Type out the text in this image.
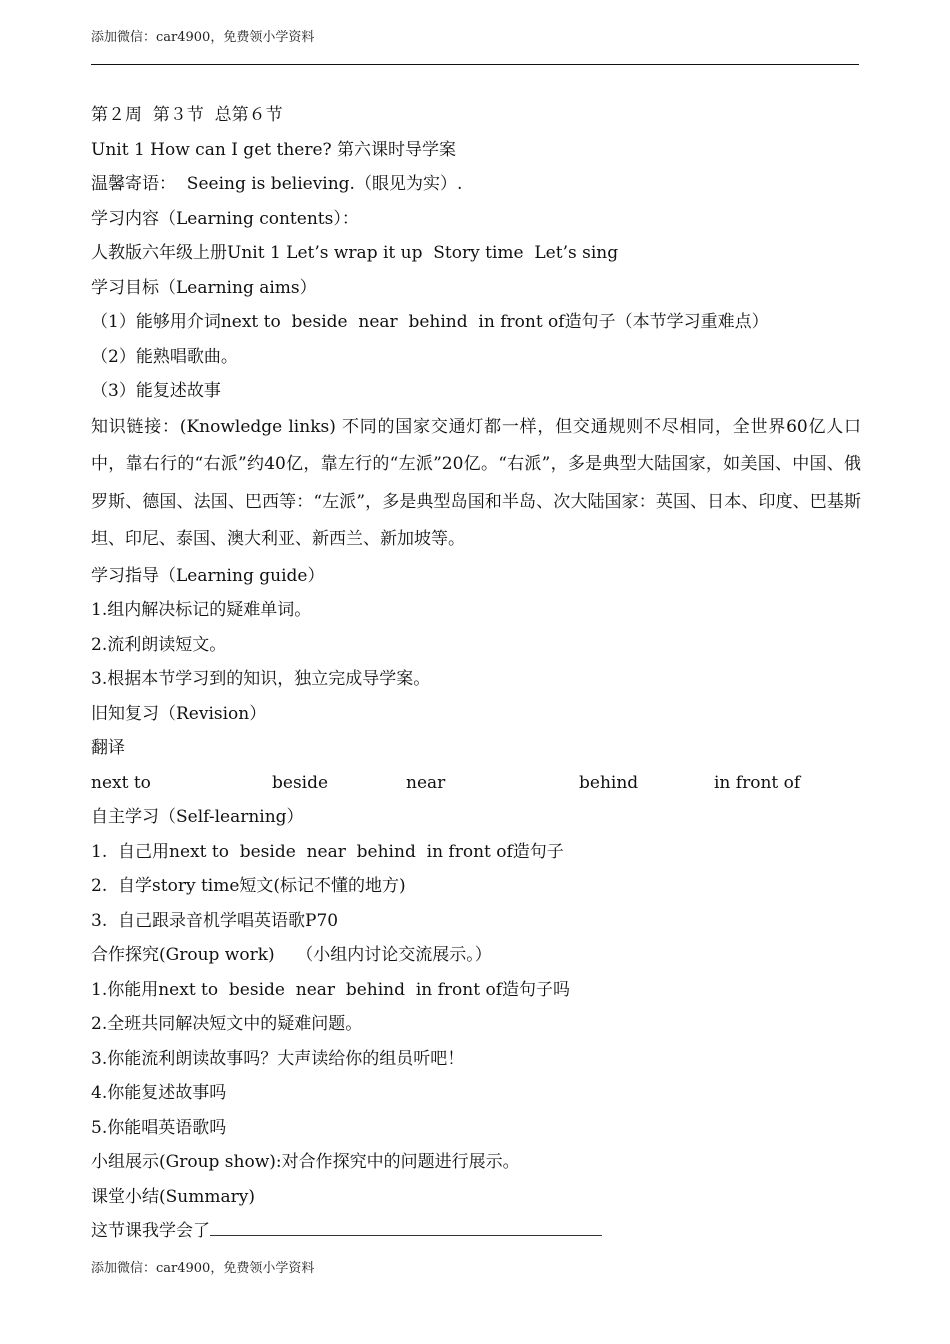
添加微信：car4900，免费领小学资料
第２周  第３节  总第６节
Unit 1 How can I get there? 第六课时导学案
温馨寄语：  Seeing is believing.（眼见为实）.
学习内容（Learning contents）：
人教版六年级上册Unit 1 Let’s wrap it up  Story time  Let’s sing
学习目标（Learning aims）
（1）能够用介词next to  beside  near  behind  in front of造句子（本节学习重难点）
（2）能熟唱歌曲。
（3）能复述故事
知识链接：(Knowledge links) 不同的国家交通灯都一样，但交通规则不尽相同，全世界60亿人口中，靠右行的“右派”约40亿，靠左行的“左派”20亿。“右派”，多是典型大陆国家，如美国、中国、俄罗斯、德国、法国、巴西等：“左派”，多是典型岛国和半岛、次大陆国家：英国、日本、印度、巴基斯坦、印尼、泰国、澳大利亚、新西兰、新加坡等。
学习指导（Learning guide）
1.组内解决标记的疑难单词。
2.流利朗读短文。
3.根据本节学习到的知识，独立完成导学案。
旧知复习（Revision）
翻译
next to	beside	near	behind	in front of
自主学习（Self-learning）
1.  自己用next to  beside  near  behind  in front of造句子
2.  自学story time短文(标记不懂的地方)
3.  自己跟录音机学唱英语歌P70
合作探究(Group work)    （小组内讨论交流展示。）
1.你能用next to  beside  near  behind  in front of造句子吗
2.全班共同解决短文中的疑难问题。
3.你能流利朗读故事吗？大声读给你的组员听吧！
4.你能复述故事吗
5.你能唱英语歌吗
小组展示(Group show):对合作探究中的问题进行展示。
课堂小结(Summary)
这节课我学会了
添加微信：car4900，免费领小学资料
